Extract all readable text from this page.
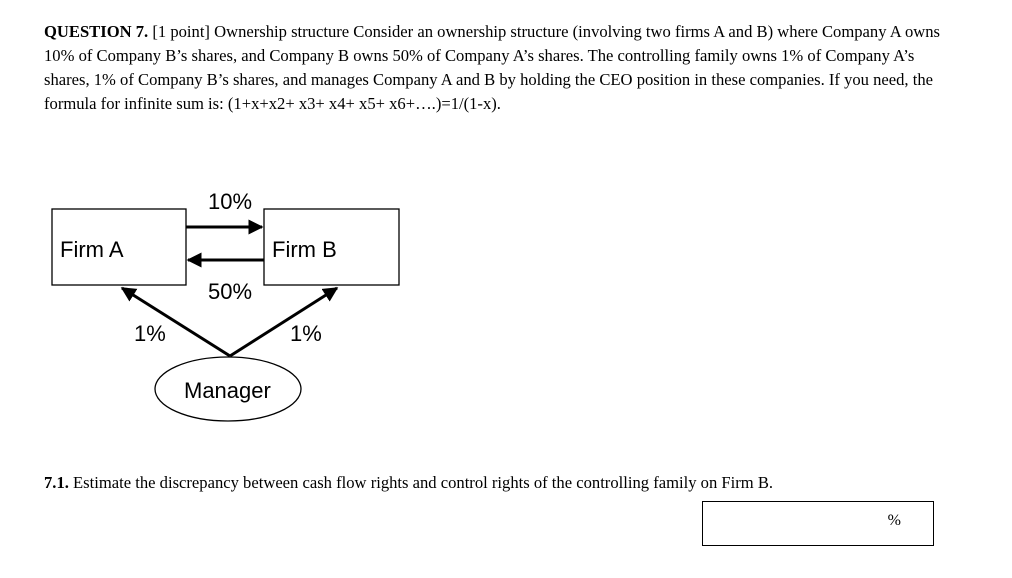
QUESTION 7. [1 point] Ownership structure Consider an ownership structure (involving two firms A and B) where Company A owns 10% of Company B’s shares, and Company B owns 50% of Company A’s shares. The controlling family owns 1% of Company A’s shares, 1% of Company B’s shares, and manages Company A and B by holding the CEO position in these companies. If you need, the formula for infinite sum is: (1+x+x2+ x3+ x4+ x5+ x6+….)=1/(1-x).

Firm A	Firm B
10%
50%
1%	1%
Manager

7.1. Estimate the discrepancy between cash flow rights and control rights of the controlling family on Firm B.

%
